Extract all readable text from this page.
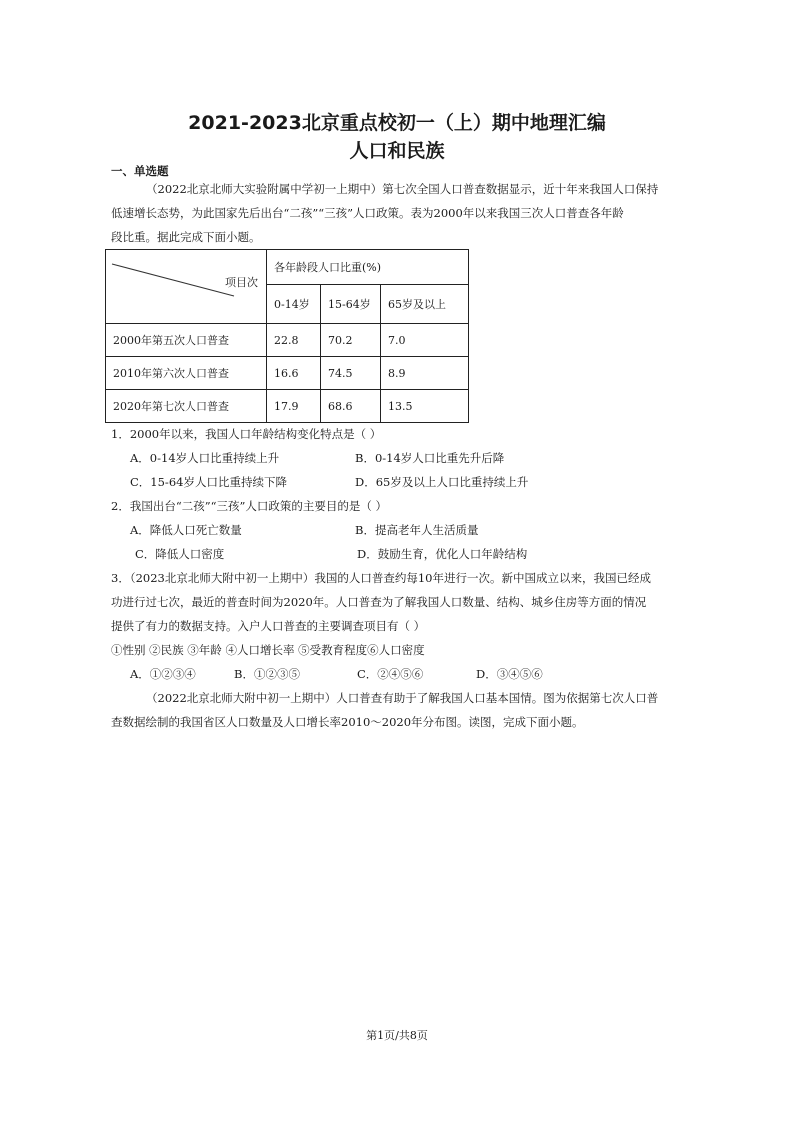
2021-2023北京重点校初一（上）期中地理汇编
人口和民族
一、单选题
（2022北京北师大实验附属中学初一上期中）第七次全国人口普查数据显示，近十年来我国人口保持
低速增长态势，为此国家先后出台“二孩”“三孩”人口政策。表为2000年以来我国三次人口普查各年龄
段比重。据此完成下面小题。
项目次	各年龄段人口比重(%)		
	0-14岁	15-64岁	65岁及以上
2000年第五次人口普查	22.8	70.2	7.0
2010年第六次人口普查	16.6	74.5	8.9
2020年第七次人口普查	17.9	68.6	13.5
1．2000年以来，我国人口年龄结构变化特点是（ ）
A．0-14岁人口比重持续上升	B．0-14岁人口比重先升后降
C．15-64岁人口比重持续下降	D．65岁及以上人口比重持续上升
2．我国出台“二孩”“三孩”人口政策的主要目的是（ ）
A．降低人口死亡数量	B．提高老年人生活质量
C．降低人口密度	D．鼓励生育，优化人口年龄结构
3．（2023北京北师大附中初一上期中）我国的人口普查约每10年进行一次。新中国成立以来，我国已经成
功进行过七次，最近的普查时间为2020年。人口普查为了解我国人口数量、结构、城乡住房等方面的情况
提供了有力的数据支持。入户人口普查的主要调查项目有（ ）
①性别 ②民族 ③年龄 ④人口增长率 ⑤受教育程度⑥人口密度
A．①②③④	B．①②③⑤	C．②④⑤⑥	D．③④⑤⑥
（2022北京北师大附中初一上期中）人口普查有助于了解我国人口基本国情。图为依据第七次人口普
查数据绘制的我国省区人口数量及人口增长率2010～2020年分布图。读图，完成下面小题。
第1页/共8页
